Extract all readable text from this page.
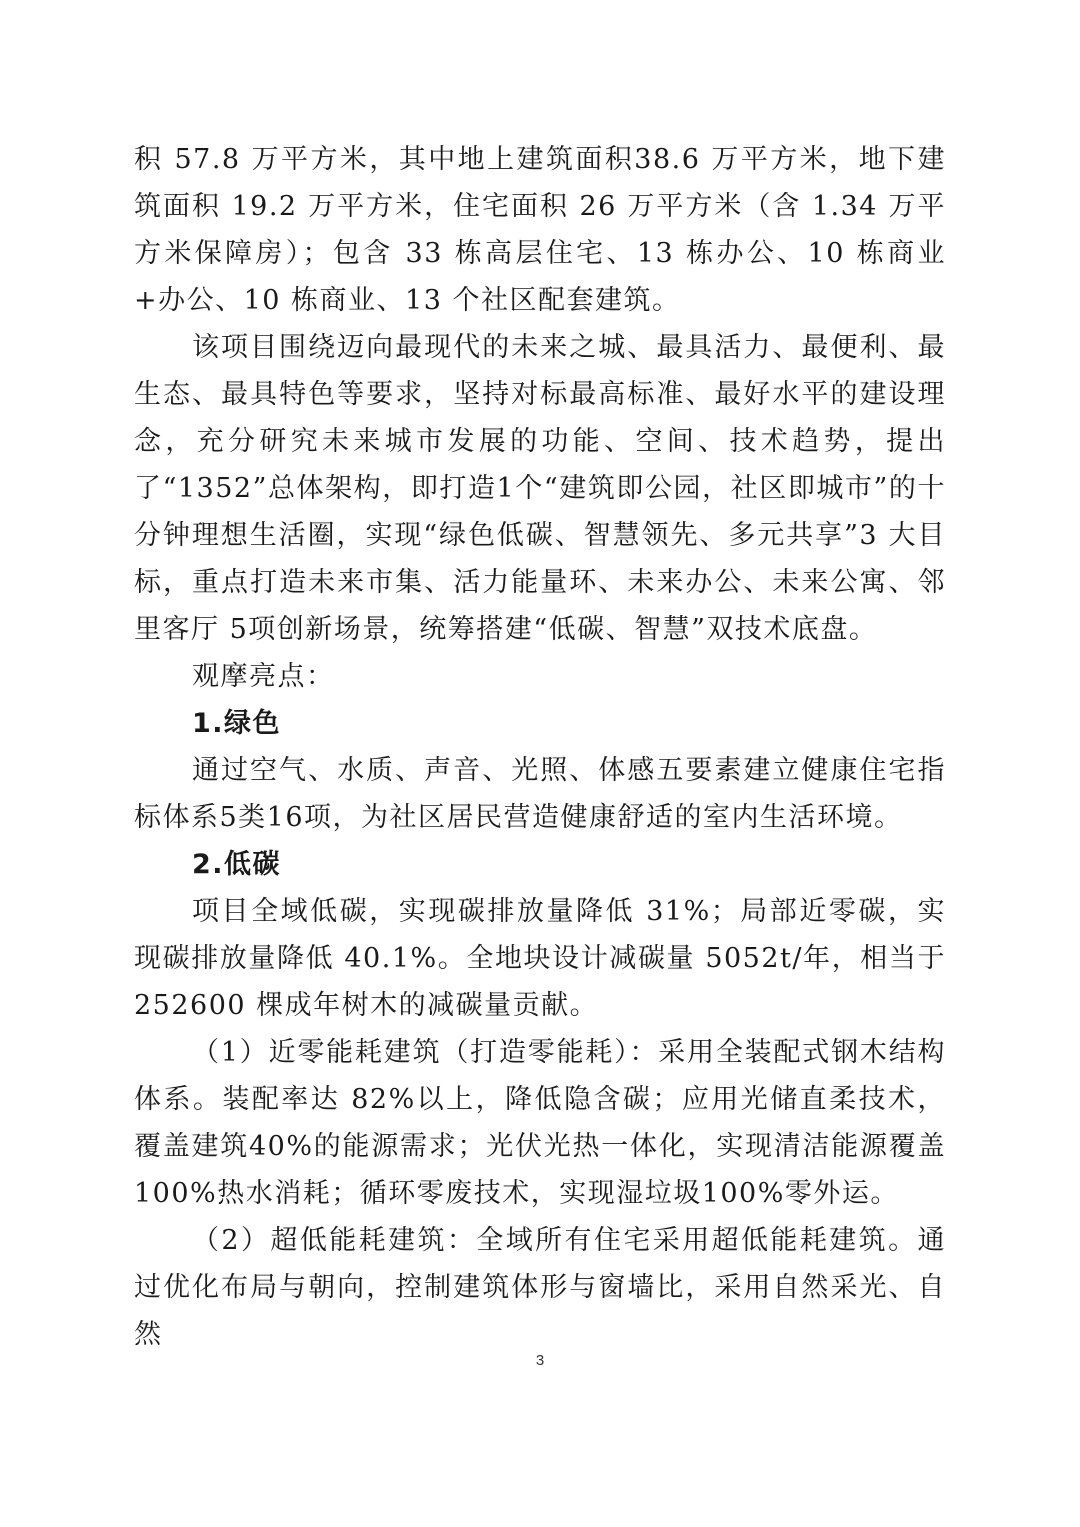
积 57.8 万平方米，其中地上建筑面积38.6 万平方米，地下建筑面积 19.2 万平方米，住宅面积 26 万平方米（含 1.34 万平方米保障房）；包含 33 栋高层住宅、13 栋办公、10 栋商业+办公、10 栋商业、13 个社区配套建筑。

该项目围绕迈向最现代的未来之城、最具活力、最便利、最生态、最具特色等要求，坚持对标最高标准、最好水平的建设理念，充分研究未来城市发展的功能、空间、技术趋势，提出了“1352”总体架构，即打造1个“建筑即公园，社区即城市”的十分钟理想生活圈，实现“绿色低碳、智慧领先、多元共享”3 大目标，重点打造未来市集、活力能量环、未来办公、未来公寓、邻里客厅 5项创新场景，统筹搭建“低碳、智慧”双技术底盘。

观摩亮点：

1.绿色

通过空气、水质、声音、光照、体感五要素建立健康住宅指标体系5类16项，为社区居民营造健康舒适的室内生活环境。

2.低碳

项目全域低碳，实现碳排放量降低 31%；局部近零碳，实现碳排放量降低 40.1%。全地块设计减碳量 5052t/年，相当于252600 棵成年树木的减碳量贡献。

（1）近零能耗建筑（打造零能耗）：采用全装配式钢木结构体系。装配率达 82%以上，降低隐含碳；应用光储直柔技术，覆盖建筑40%的能源需求；光伏光热一体化，实现清洁能源覆盖100%热水消耗；循环零废技术，实现湿垃圾100%零外运。

（2）超低能耗建筑：全域所有住宅采用超低能耗建筑。通过优化布局与朝向，控制建筑体形与窗墙比，采用自然采光、自然

3
